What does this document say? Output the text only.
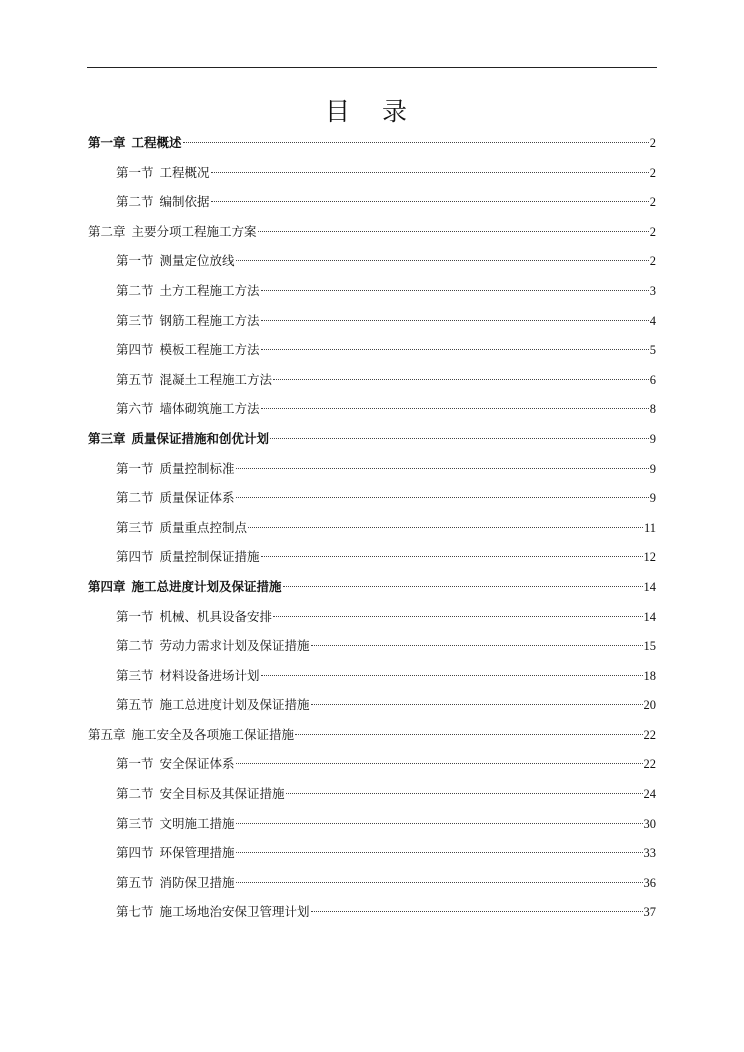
目 录
第一章 工程概述	2
第一节 工程概况	2
第二节 编制依据	2
第二章 主要分项工程施工方案	2
第一节 测量定位放线	2
第二节 土方工程施工方法	3
第三节 钢筋工程施工方法	4
第四节 模板工程施工方法	5
第五节 混凝土工程施工方法	6
第六节 墙体砌筑施工方法	8
第三章 质量保证措施和创优计划	9
第一节 质量控制标准	9
第二节 质量保证体系	9
第三节 质量重点控制点	11
第四节 质量控制保证措施	12
第四章 施工总进度计划及保证措施	14
第一节 机械、机具设备安排	14
第二节 劳动力需求计划及保证措施	15
第三节 材料设备进场计划	18
第五节 施工总进度计划及保证措施	20
第五章 施工安全及各项施工保证措施	22
第一节 安全保证体系	22
第二节 安全目标及其保证措施	24
第三节 文明施工措施	30
第四节 环保管理措施	33
第五节 消防保卫措施	36
第七节 施工场地治安保卫管理计划	37
